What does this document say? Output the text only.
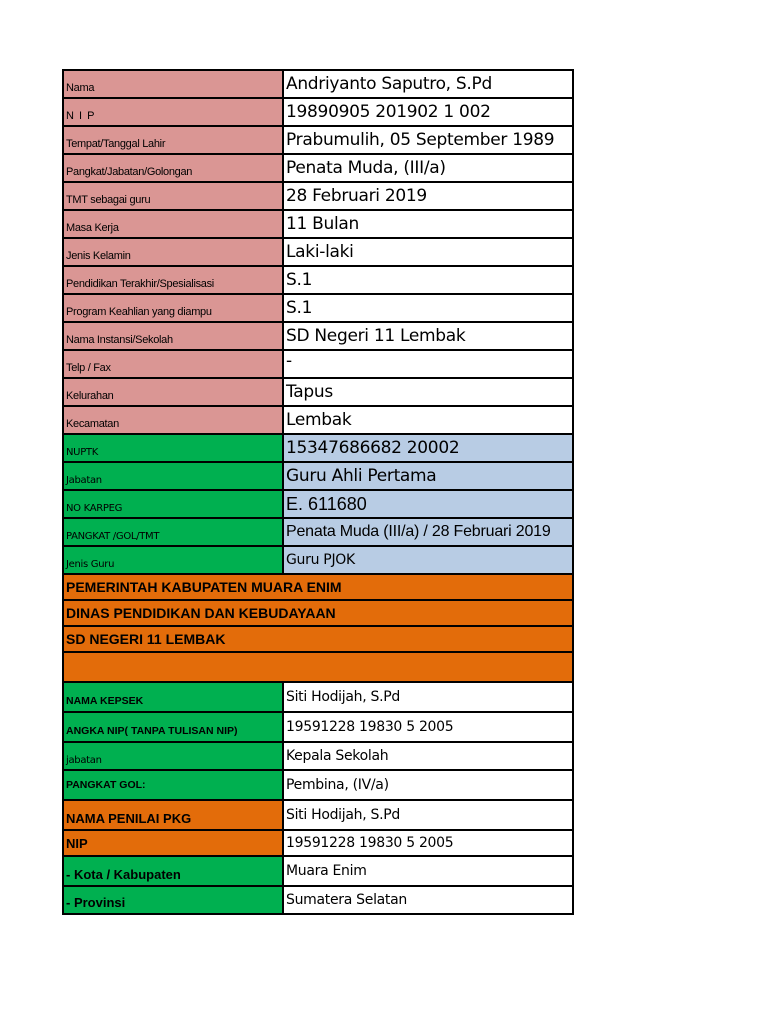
Nama	Andriyanto Saputro, S.Pd
N I P	19890905 201902 1 002
Tempat/Tanggal Lahir	Prabumulih, 05 September 1989
Pangkat/Jabatan/Golongan	Penata Muda, (III/a)
TMT sebagai guru	28 Februari 2019
Masa Kerja	11 Bulan
Jenis Kelamin	Laki-laki
Pendidikan Terakhir/Spesialisasi	S.1
Program Keahlian yang diampu	S.1
Nama Instansi/Sekolah	SD Negeri 11 Lembak
Telp / Fax	-
Kelurahan	Tapus
Kecamatan	Lembak
NUPTK	15347686682 20002
Jabatan	Guru Ahli Pertama
NO KARPEG	E. 611680
PANGKAT /GOL/TMT	Penata Muda (III/a) / 28 Februari 2019
Jenis Guru	Guru PJOK
PEMERINTAH KABUPATEN MUARA ENIM
DINAS PENDIDIKAN DAN KEBUDAYAAN
SD NEGERI 11 LEMBAK
NAMA KEPSEK	Siti Hodijah, S.Pd
ANGKA NIP( TANPA TULISAN NIP)	19591228 19830 5 2005
jabatan	Kepala Sekolah
PANGKAT GOL:	Pembina, (IV/a)
NAMA PENILAI PKG	Siti Hodijah, S.Pd
NIP	19591228 19830 5 2005
- Kota / Kabupaten	Muara Enim
- Provinsi	Sumatera Selatan
